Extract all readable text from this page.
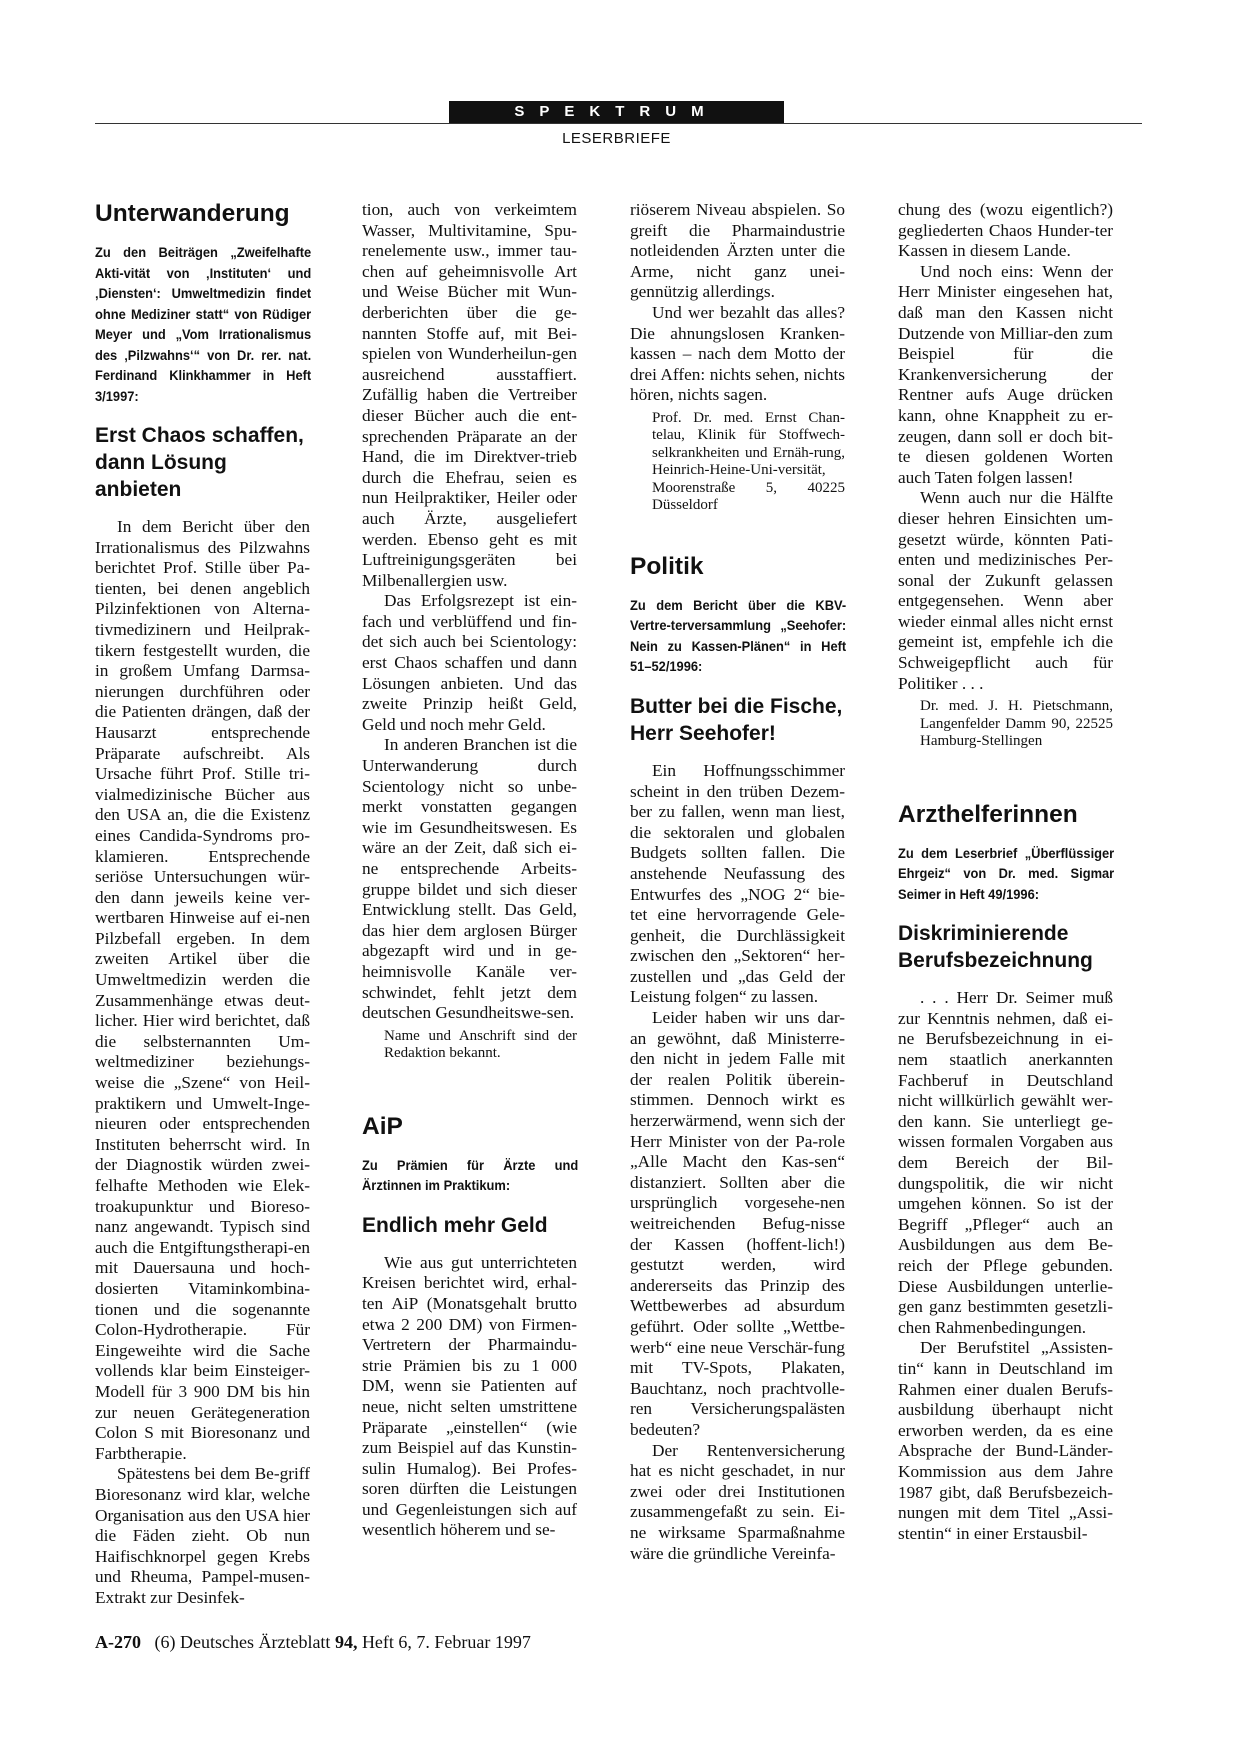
SPEKTRUM
LESERBRIEFE
Unterwanderung
Zu den Beiträgen „Zweifelhafte Akti-vität von ‚Instituten‘ und ‚Diensten‘: Umweltmedizin findet ohne Mediziner statt“ von Rüdiger Meyer und „Vom Irrationalismus des ‚Pilzwahns‘“ von Dr. rer. nat. Ferdinand Klinkhammer in Heft 3/1997:
Erst Chaos schaffen, dann Lösung anbieten

In dem Bericht über den Irrationalismus des Pilzwahns berichtet Prof. Stille über Pa-tienten, bei denen angeblich Pilzinfektionen von Alterna-tivmedizinern und Heilprak-tikern festgestellt wurden, die in großem Umfang Darmsa-nierungen durchführen oder die Patienten drängen, daß der Hausarzt entsprechende Präparate aufschreibt. Als Ursache führt Prof. Stille tri-vialmedizinische Bücher aus den USA an, die die Existenz eines Candida-Syndroms pro-klamieren. Entsprechende seriöse Untersuchungen wür-den dann jeweils keine ver-wertbaren Hinweise auf ei-nen Pilzbefall ergeben. In dem zweiten Artikel über die Umweltmedizin werden die Zusammenhänge etwas deut-licher. Hier wird berichtet, daß die selbsternannten Um-weltmediziner beziehungs-weise die „Szene“ von Heil-praktikern und Umwelt-Inge-nieuren oder entsprechenden Instituten beherrscht wird. In der Diagnostik würden zwei-felhafte Methoden wie Elek-troakupunktur und Bioreso-nanz angewandt. Typisch sind auch die Entgiftungstherapi-en mit Dauersauna und hoch-dosierten Vitaminkombina-tionen und die sogenannte Colon-Hydrotherapie. Für Eingeweihte wird die Sache vollends klar beim Einsteiger-Modell für 3 900 DM bis hin zur neuen Gerätegeneration Colon S mit Bioresonanz und Farbtherapie.

Spätestens bei dem Be-griff Bioresonanz wird klar, welche Organisation aus den USA hier die Fäden zieht. Ob nun Haifischknorpel gegen Krebs und Rheuma, Pampel-musen-Extrakt zur Desinfek-

tion, auch von verkeimtem Wasser, Multivitamine, Spu-renelemente usw., immer tau-chen auf geheimnisvolle Art und Weise Bücher mit Wun-derberichten über die ge-nannten Stoffe auf, mit Bei-spielen von Wunderheilun-gen ausreichend ausstaffiert. Zufällig haben die Vertreiber dieser Bücher auch die ent-sprechenden Präparate an der Hand, die im Direktver-trieb durch die Ehefrau, seien es nun Heilpraktiker, Heiler oder auch Ärzte, ausgeliefert werden. Ebenso geht es mit Luftreinigungsgeräten bei Milbenallergien usw.

Das Erfolgsrezept ist ein-fach und verblüffend und fin-det sich auch bei Scientology: erst Chaos schaffen und dann Lösungen anbieten. Und das zweite Prinzip heißt Geld, Geld und noch mehr Geld.

In anderen Branchen ist die Unterwanderung durch Scientology nicht so unbe-merkt vonstatten gegangen wie im Gesundheitswesen. Es wäre an der Zeit, daß sich ei-ne entsprechende Arbeits-gruppe bildet und sich dieser Entwicklung stellt. Das Geld, das hier dem arglosen Bürger abgezapft wird und in ge-heimnisvolle Kanäle ver-schwindet, fehlt jetzt dem deutschen Gesundheitswe-sen.

Name und Anschrift sind der Redaktion bekannt.

AiP
Zu Prämien für Ärzte und Ärztinnen im Praktikum:
Endlich mehr Geld

Wie aus gut unterrichteten Kreisen berichtet wird, erhal-ten AiP (Monatsgehalt brutto etwa 2 200 DM) von Firmen-Vertretern der Pharmaindu-strie Prämien bis zu 1 000 DM, wenn sie Patienten auf neue, nicht selten umstrittene Präparate „einstellen“ (wie zum Beispiel auf das Kunstin-sulin Humalog). Bei Profes-soren dürften die Leistungen und Gegenleistungen sich auf wesentlich höherem und se-

riöserem Niveau abspielen. So greift die Pharmaindustrie notleidenden Ärzten unter die Arme, nicht ganz unei-gennützig allerdings.

Und wer bezahlt das alles? Die ahnungslosen Kranken-kassen – nach dem Motto der drei Affen: nichts sehen, nichts hören, nichts sagen.

Prof. Dr. med. Ernst Chan-telau, Klinik für Stoffwech-selkrankheiten und Ernäh-rung, Heinrich-Heine-Uni-versität, Moorenstraße 5, 40225 Düsseldorf

Politik
Zu dem Bericht über die KBV-Vertre-terversammlung „Seehofer: Nein zu Kassen-Plänen“ in Heft 51–52/1996:
Butter bei die Fische, Herr Seehofer!

Ein Hoffnungsschimmer scheint in den trüben Dezem-ber zu fallen, wenn man liest, die sektoralen und globalen Budgets sollten fallen. Die anstehende Neufassung des Entwurfes des „NOG 2“ bie-tet eine hervorragende Gele-genheit, die Durchlässigkeit zwischen den „Sektoren“ her-zustellen und „das Geld der Leistung folgen“ zu lassen.

Leider haben wir uns dar-an gewöhnt, daß Ministerre-den nicht in jedem Falle mit der realen Politik überein-stimmen. Dennoch wirkt es herzerwärmend, wenn sich der Herr Minister von der Pa-role „Alle Macht den Kas-sen“ distanziert. Sollten aber die ursprünglich vorgesehe-nen weitreichenden Befug-nisse der Kassen (hoffent-lich!) gestutzt werden, wird andererseits das Prinzip des Wettbewerbes ad absurdum geführt. Oder sollte „Wettbe-werb“ eine neue Verschär-fung mit TV-Spots, Plakaten, Bauchtanz, noch prachtvolle-ren Versicherungspalästen bedeuten?

Der Rentenversicherung hat es nicht geschadet, in nur zwei oder drei Institutionen zusammengefaßt zu sein. Ei-ne wirksame Sparmaßnahme wäre die gründliche Vereinfa-

chung des (wozu eigentlich?) gegliederten Chaos Hunder-ter Kassen in diesem Lande.

Und noch eins: Wenn der Herr Minister eingesehen hat, daß man den Kassen nicht Dutzende von Milliar-den zum Beispiel für die Krankenversicherung der Rentner aufs Auge drücken kann, ohne Knappheit zu er-zeugen, dann soll er doch bit-te diesen goldenen Worten auch Taten folgen lassen!

Wenn auch nur die Hälfte dieser hehren Einsichten um-gesetzt würde, könnten Pati-enten und medizinisches Per-sonal der Zukunft gelassen entgegensehen. Wenn aber wieder einmal alles nicht ernst gemeint ist, empfehle ich die Schweigepflicht auch für Politiker . . .

Dr. med. J. H. Pietschmann, Langenfelder Damm 90, 22525 Hamburg-Stellingen

Arzthelferinnen
Zu dem Leserbrief „Überflüssiger Ehrgeiz“ von Dr. med. Sigmar Seimer in Heft 49/1996:
Diskriminierende Berufsbezeichnung

. . . Herr Dr. Seimer muß zur Kenntnis nehmen, daß ei-ne Berufsbezeichnung in ei-nem staatlich anerkannten Fachberuf in Deutschland nicht willkürlich gewählt wer-den kann. Sie unterliegt ge-wissen formalen Vorgaben aus dem Bereich der Bil-dungspolitik, die wir nicht umgehen können. So ist der Begriff „Pfleger“ auch an Ausbildungen aus dem Be-reich der Pflege gebunden. Diese Ausbildungen unterlie-gen ganz bestimmten gesetzli-chen Rahmenbedingungen.

Der Berufstitel „Assisten-tin“ kann in Deutschland im Rahmen einer dualen Berufs-ausbildung überhaupt nicht erworben werden, da es eine Absprache der Bund-Länder-Kommission aus dem Jahre 1987 gibt, daß Berufsbezeich-nungen mit dem Titel „Assi-stentin“ in einer Erstausbil-

A-270 (6) Deutsches Ärzteblatt 94, Heft 6, 7. Februar 1997
